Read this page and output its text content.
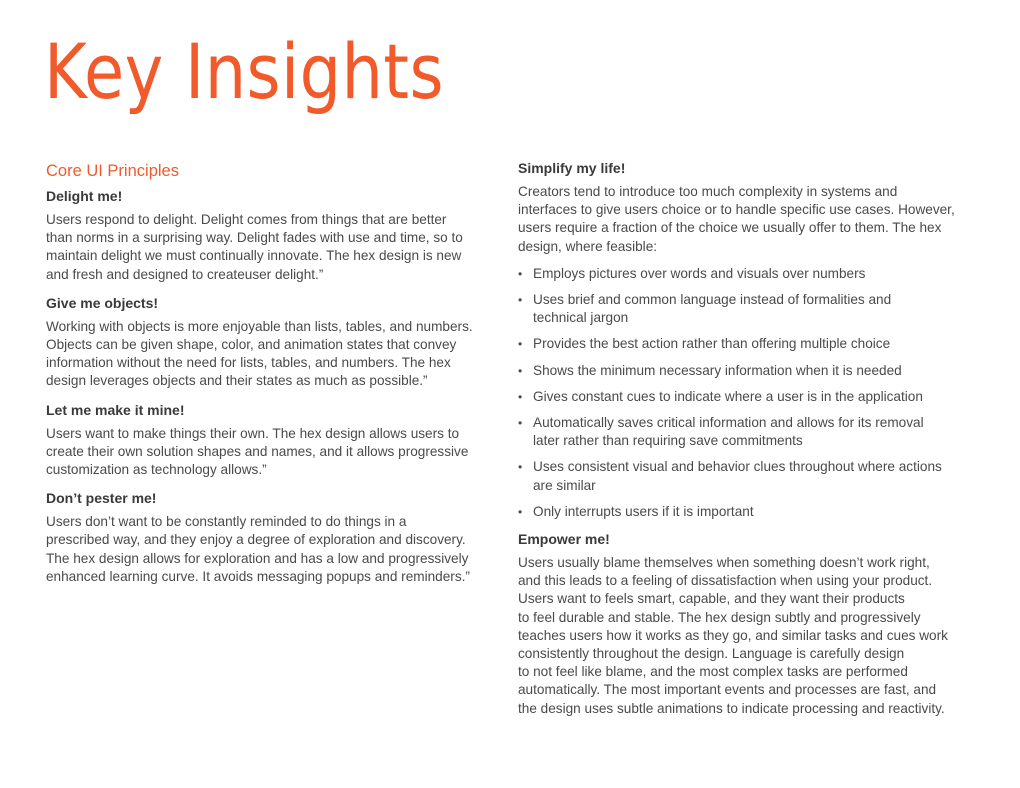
Key Insights
Core UI Principles
Delight me!

Users respond to delight. Delight comes from things that are better
than norms in a surprising way. Delight fades with use and time, so to
maintain delight we must continually innovate. The hex design is new
and fresh and designed to createuser delight.”

Give me objects!

Working with objects is more enjoyable than lists, tables, and numbers.
Objects can be given shape, color, and animation states that convey
information without the need for lists, tables, and numbers. The hex
design leverages objects and their states as much as possible.”

Let me make it mine!

Users want to make things their own. The hex design allows users to
create their own solution shapes and names, and it allows progressive
customization as technology allows.”

Don’t pester me!

Users don’t want to be constantly reminded to do things in a
prescribed way, and they enjoy a degree of exploration and discovery.
The hex design allows for exploration and has a low and progressively
enhanced learning curve. It avoids messaging popups and reminders.”

Simplify my life!

Creators tend to introduce too much complexity in systems and
interfaces to give users choice or to handle specific use cases. However,
users require a fraction of the choice we usually offer to them. The hex
design, where feasible:

• Employs pictures over words and visuals over numbers
• Uses brief and common language instead of formalities and
technical jargon
• Provides the best action rather than offering multiple choice
• Shows the minimum necessary information when it is needed
• Gives constant cues to indicate where a user is in the application
• Automatically saves critical information and allows for its removal
later rather than requiring save commitments
• Uses consistent visual and behavior clues throughout where actions
are similar
• Only interrupts users if it is important
Empower me!

Users usually blame themselves when something doesn’t work right,
and this leads to a feeling of dissatisfaction when using your product.
Users want to feels smart, capable, and they want their products
to feel durable and stable. The hex design subtly and progressively
teaches users how it works as they go, and similar tasks and cues work
consistently throughout the design. Language is carefully design
to not feel like blame, and the most complex tasks are performed
automatically. The most important events and processes are fast, and
the design uses subtle animations to indicate processing and reactivity.
